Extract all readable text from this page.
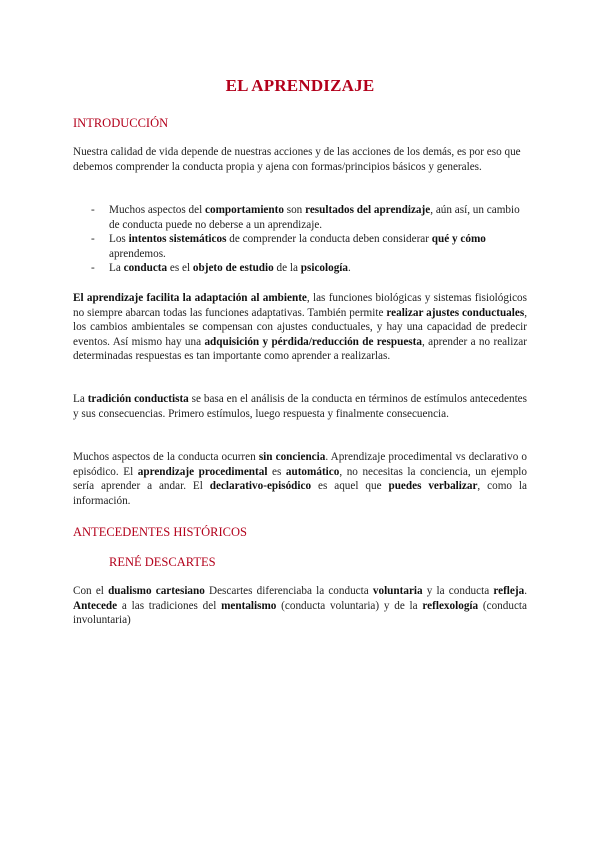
EL APRENDIZAJE
INTRODUCCIÓN

Nuestra calidad de vida depende de nuestras acciones y de las acciones de los demás, es por eso que debemos comprender la conducta propia y ajena con formas/principios básicos y generales.

- Muchos aspectos del comportamiento son resultados del aprendizaje, aún así, un cambio de conducta puede no deberse a un aprendizaje.
- Los intentos sistemáticos de comprender la conducta deben considerar qué y cómo aprendemos.
- La conducta es el objeto de estudio de la psicología.

El aprendizaje facilita la adaptación al ambiente, las funciones biológicas y sistemas fisiológicos no siempre abarcan todas las funciones adaptativas. También permite realizar ajustes conductuales, los cambios ambientales se compensan con ajustes conductuales, y hay una capacidad de predecir eventos. Así mismo hay una adquisición y pérdida/reducción de respuesta, aprender a no realizar determinadas respuestas es tan importante como aprender a realizarlas.

La tradición conductista se basa en el análisis de la conducta en términos de estímulos antecedentes y sus consecuencias. Primero estímulos, luego respuesta y finalmente consecuencia.

Muchos aspectos de la conducta ocurren sin conciencia. Aprendizaje procedimental vs declarativo o episódico. El aprendizaje procedimental es automático, no necesitas la conciencia, un ejemplo sería aprender a andar. El declarativo-episódico es aquel que puedes verbalizar, como la información.

ANTECEDENTES HISTÓRICOS
RENÉ DESCARTES

Con el dualismo cartesiano Descartes diferenciaba la conducta voluntaria y la conducta refleja. Antecede a las tradiciones del mentalismo (conducta voluntaria) y de la reflexología (conducta involuntaria)
